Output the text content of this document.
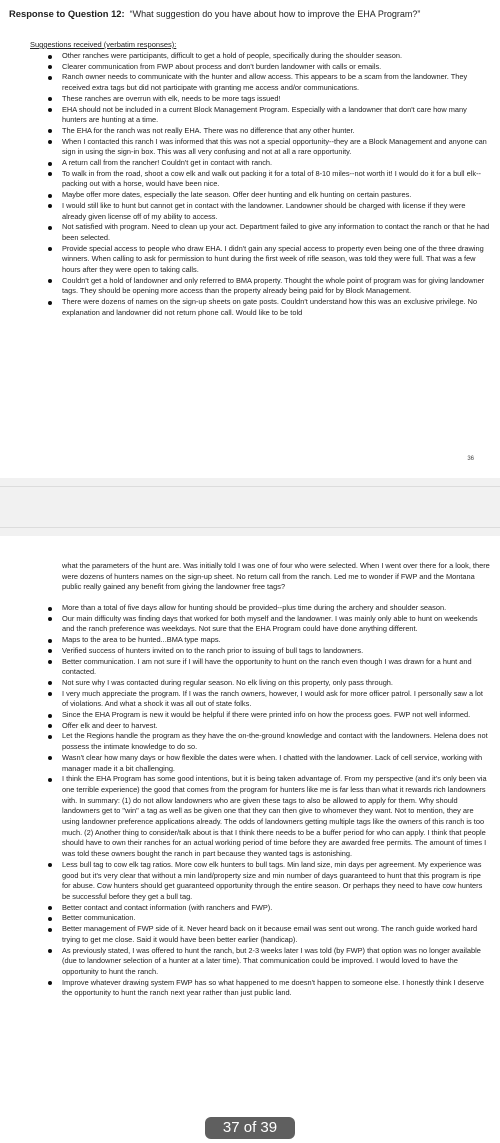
Response to Question 12: “What suggestion do you have about how to improve the EHA Program?”
Suggestions received (verbatim responses):
Other ranches were participants, difficult to get a hold of people, specifically during the shoulder season.
Clearer communication from FWP about process and don't burden landowner with calls or emails.
Ranch owner needs to communicate with the hunter and allow access. This appears to be a scam from the landowner. They received extra tags but did not participate with granting me access and/or communications.
These ranches are overrun with elk, needs to be more tags issued!
EHA should not be included in a current Block Management Program. Especially with a landowner that don't care how many hunters are hunting at a time.
The EHA for the ranch was not really EHA. There was no difference that any other hunter.
When I contacted this ranch I was informed that this was not a special opportunity--they are a Block Management and anyone can sign in using the sign-in box. This was all very confusing and not at all a rare opportunity.
A return call from the rancher! Couldn't get in contact with ranch.
To walk in from the road, shoot a cow elk and walk out packing it for a total of 8-10 miles--not worth it! I would do it for a bull elk--packing out with a horse, would have been nice.
Maybe offer more dates, especially the late season. Offer deer hunting and elk hunting on certain pastures.
I would still like to hunt but cannot get in contact with the landowner. Landowner should be charged with license if they were already given license off of my ability to access.
Not satisfied with program. Need to clean up your act. Department failed to give any information to contact the ranch or that he had been selected.
Provide special access to people who draw EHA. I didn't gain any special access to property even being one of the three drawing winners. When calling to ask for permission to hunt during the first week of rifle season, was told they were full. That was a few hours after they were open to taking calls.
Couldn't get a hold of landowner and only referred to BMA property. Thought the whole point of program was for giving landowner tags. They should be opening more access than the property already being paid for by Block Management.
There were dozens of names on the sign-up sheets on gate posts. Couldn't understand how this was an exclusive privilege. No explanation and landowner did not return phone call. Would like to be told
36
what the parameters of the hunt are. Was initially told I was one of four who were selected. When I went over there for a look, there were dozens of hunters names on the sign-up sheet. No return call from the ranch. Led me to wonder if FWP and the Montana public really gained any benefit from giving the landowner free tags?
More than a total of five days allow for hunting should be provided--plus time during the archery and shoulder season.
Our main difficulty was finding days that worked for both myself and the landowner. I was mainly only able to hunt on weekends and the ranch preference was weekdays. Not sure that the EHA Program could have done anything different.
Maps to the area to be hunted...BMA type maps.
Verified success of hunters invited on to the ranch prior to issuing of bull tags to landowners.
Better communication. I am not sure if I will have the opportunity to hunt on the ranch even though I was drawn for a hunt and contacted.
Not sure why I was contacted during regular season. No elk living on this property, only pass through.
I very much appreciate the program. If I was the ranch owners, however, I would ask for more officer patrol. I personally saw a lot of violations. And what a shock it was all out of state folks.
Since the EHA Program is new it would be helpful if there were printed info on how the process goes. FWP not well informed.
Offer elk and deer to harvest.
Let the Regions handle the program as they have the on-the-ground knowledge and contact with the landowners. Helena does not possess the intimate knowledge to do so.
Wasn't clear how many days or how flexible the dates were when. I chatted with the landowner. Lack of cell service, working with manager made it a bit challenging.
I think the EHA Program has some good intentions, but it is being taken advantage of. From my perspective (and it's only been via one terrible experience) the good that comes from the program for hunters like me is far less than what it rewards rich landowners with. In summary: (1) do not allow landowners who are given these tags to also be allowed to apply for them. Why should landowners get to "win" a tag as well as be given one that they can then give to whomever they want. Not to mention, they are using landowner preference applications already. The odds of landowners getting multiple tags like the owners of this ranch is too much. (2) Another thing to consider/talk about is that I think there needs to be a buffer period for who can apply. I think that people should have to own their ranches for an actual working period of time before they are awarded free permits. The amount of times I was told these owners bought the ranch in part because they wanted tags is astonishing.
Less bull tag to cow elk tag ratios. More cow elk hunters to bull tags. Min land size, min days per agreement. My experience was good but it's very clear that without a min land/property size and min number of days guaranteed to hunt that this program is ripe for abuse. Cow hunters should get guaranteed opportunity through the entire season. Or perhaps they need to have cow hunters be successful before they get a bull tag.
Better contact and contact information (with ranchers and FWP).
Better communication.
Better management of FWP side of it. Never heard back on it because email was sent out wrong. The ranch guide worked hard trying to get me close. Said it would have been better earlier (handicap).
As previously stated, I was offered to hunt the ranch, but 2-3 weeks later I was told (by FWP) that option was no longer available (due to landowner selection of a hunter at a later time). That communication could be improved. I would loved to have the opportunity to hunt the ranch.
Improve whatever drawing system FWP has so what happened to me doesn't happen to someone else. I honestly think I deserve the opportunity to hunt the ranch next year rather than just public land.
37 of 39
